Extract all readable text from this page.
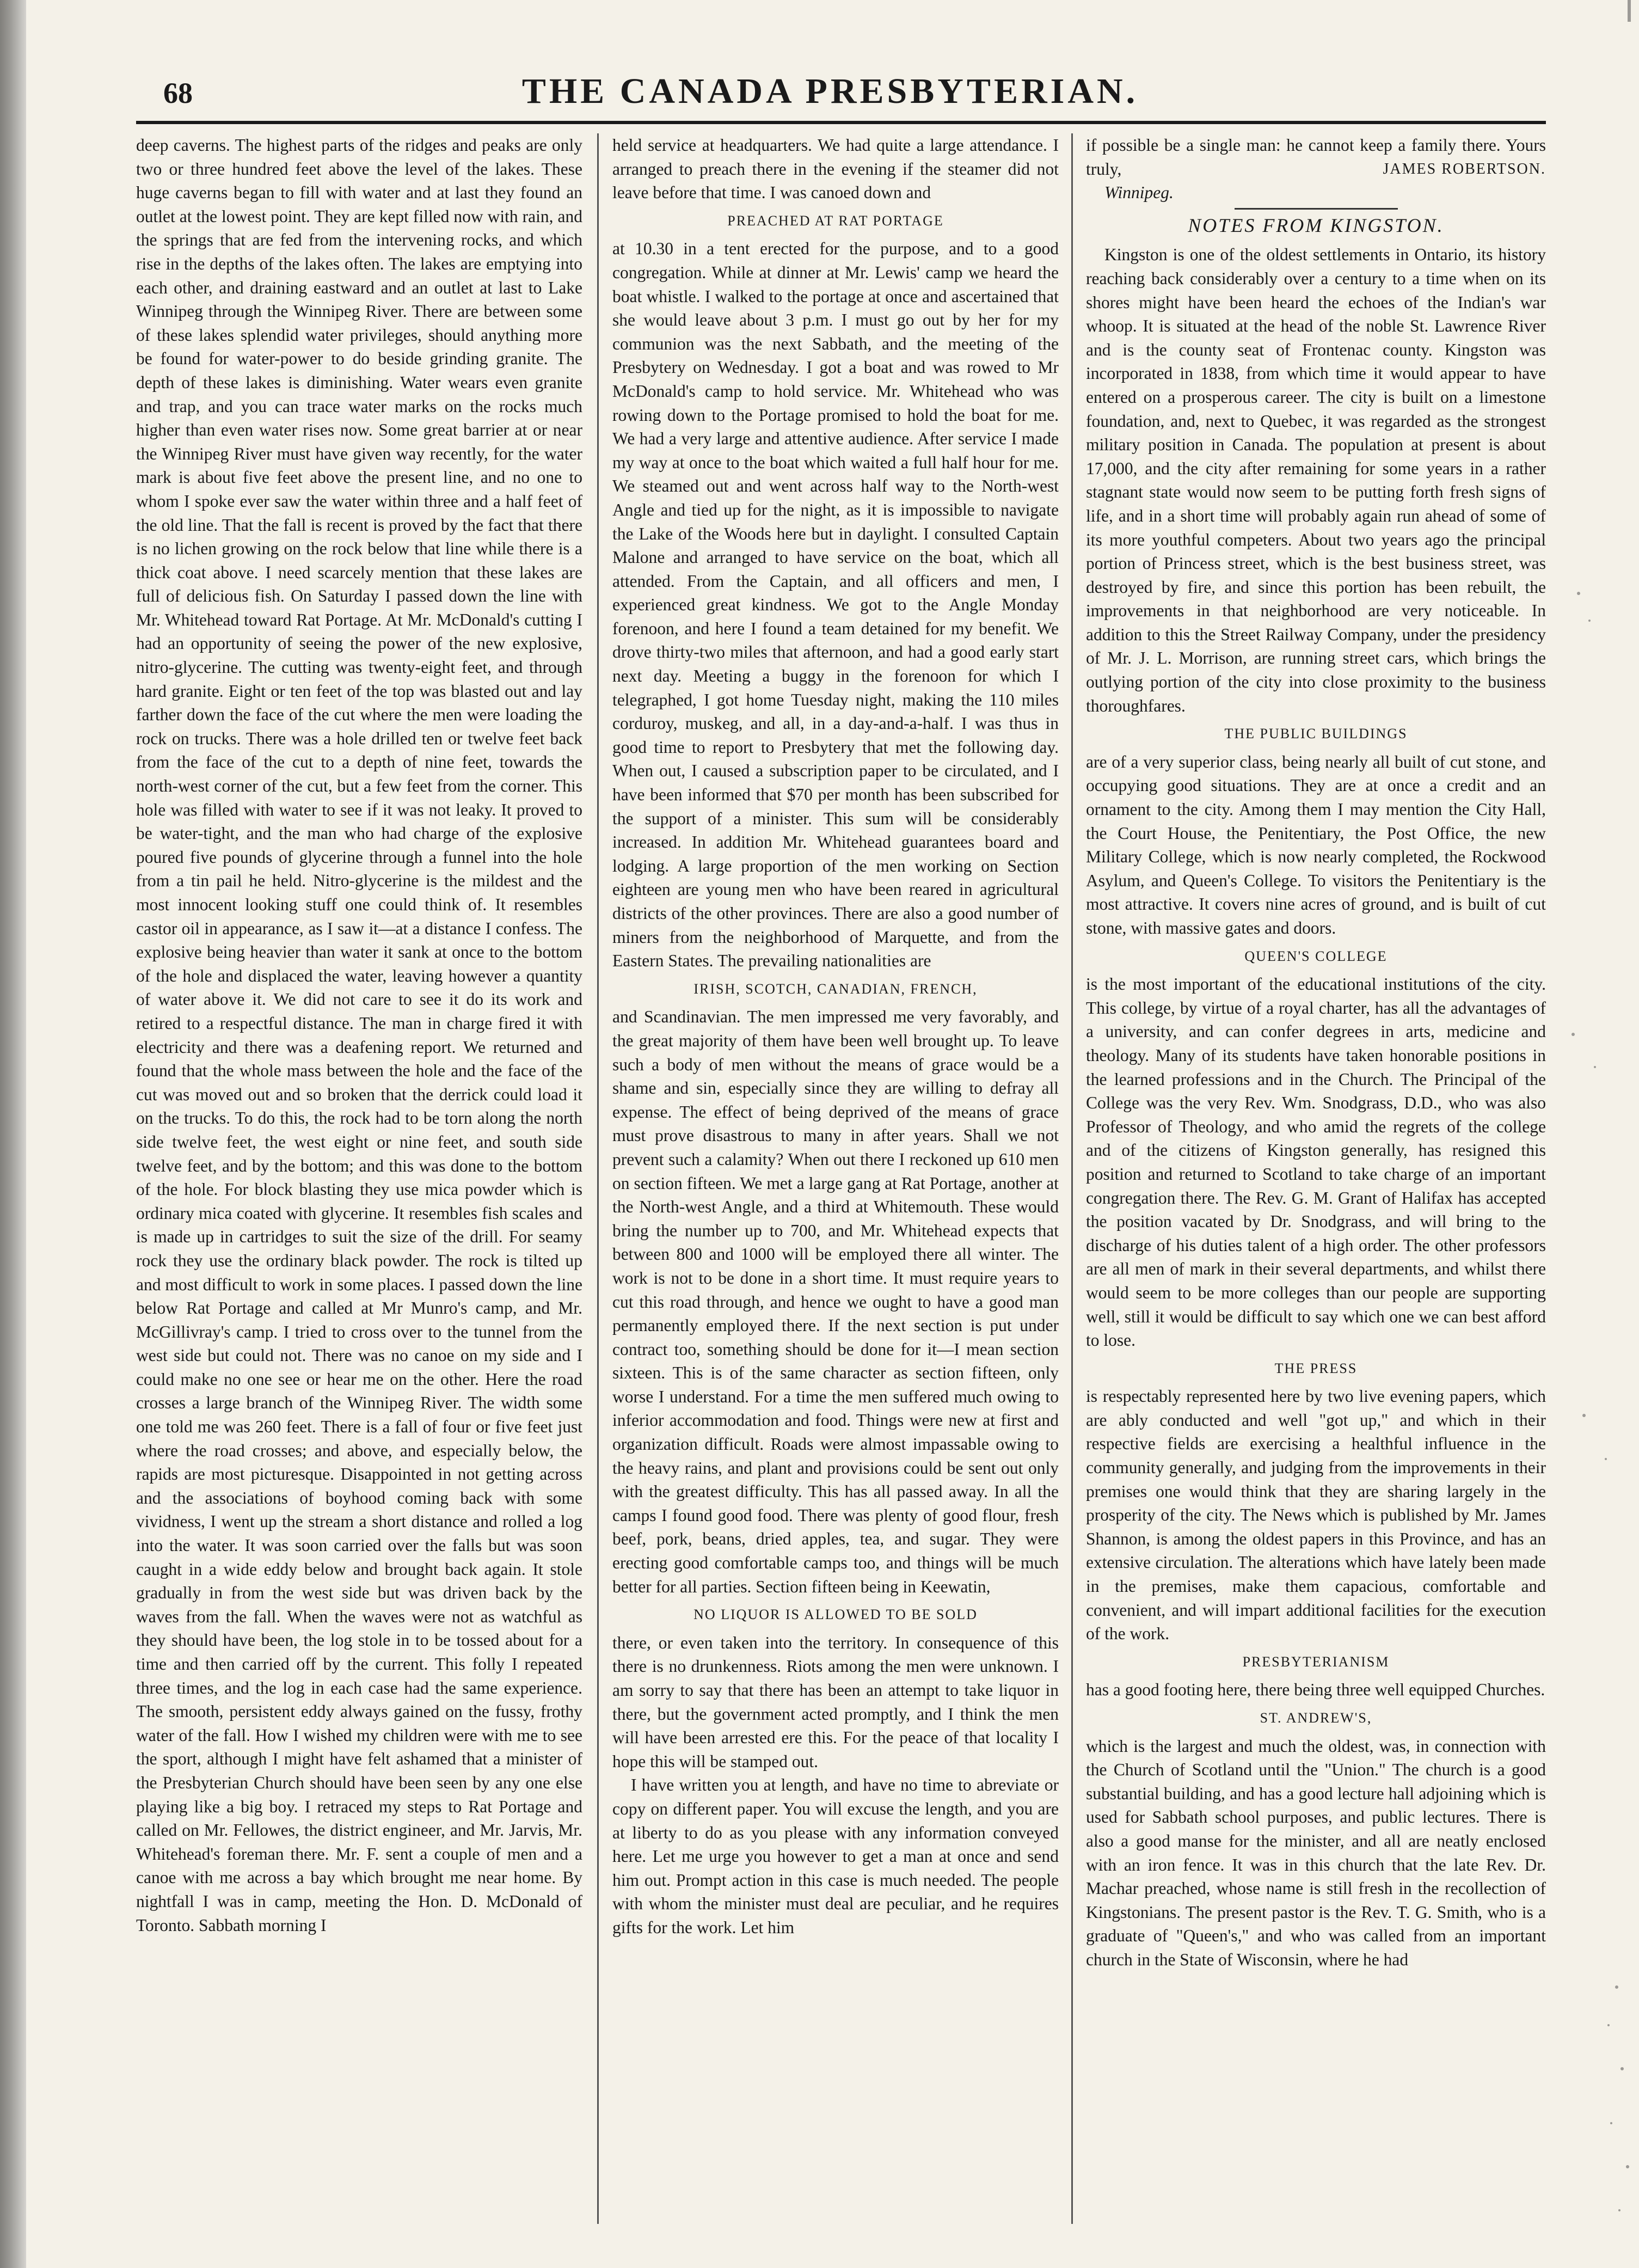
68	THE CANADA PRESBYTERIAN.

deep caverns. The highest parts of the ridges and peaks are only two or three hundred feet above the level of the lakes. These huge caverns began to fill with water and at last they found an outlet at the lowest point. They are kept filled now with rain, and the springs that are fed from the intervening rocks, and which rise in the depths of the lakes often. The lakes are emptying into each other, and draining eastward and an outlet at last to Lake Winnipeg through the Winnipeg River. There are between some of these lakes splendid water privileges, should anything more be found for water-power to do beside grinding granite. The depth of these lakes is diminishing. Water wears even granite and trap, and you can trace water marks on the rocks much higher than even water rises now. Some great barrier at or near the Winnipeg River must have given way recently, for the water mark is about five feet above the present line, and no one to whom I spoke ever saw the water within three and a half feet of the old line. That the fall is recent is proved by the fact that there is no lichen growing on the rock below that line while there is a thick coat above. I need scarcely mention that these lakes are full of delicious fish. On Saturday I passed down the line with Mr. Whitehead toward Rat Portage. At Mr. McDonald's cutting I had an opportunity of seeing the power of the new explosive, nitro-glycerine. The cutting was twenty-eight feet, and through hard granite. Eight or ten feet of the top was blasted out and lay farther down the face of the cut where the men were loading the rock on trucks. There was a hole drilled ten or twelve feet back from the face of the cut to a depth of nine feet, towards the north-west corner of the cut, but a few feet from the corner. This hole was filled with water to see if it was not leaky. It proved to be water-tight, and the man who had charge of the explosive poured five pounds of glycerine through a funnel into the hole from a tin pail he held. Nitro-glycerine is the mildest and the most innocent looking stuff one could think of. It resembles castor oil in appearance, as I saw it—at a distance I confess. The explosive being heavier than water it sank at once to the bottom of the hole and displaced the water, leaving however a quantity of water above it. We did not care to see it do its work and retired to a respectful distance. The man in charge fired it with electricity and there was a deafening report. We returned and found that the whole mass between the hole and the face of the cut was moved out and so broken that the derrick could load it on the trucks. To do this, the rock had to be torn along the north side twelve feet, the west eight or nine feet, and south side twelve feet, and by the bottom; and this was done to the bottom of the hole. For block blasting they use mica powder which is ordinary mica coated with glycerine. It resembles fish scales and is made up in cartridges to suit the size of the drill. For seamy rock they use the ordinary black powder. The rock is tilted up and most difficult to work in some places. I passed down the line below Rat Portage and called at Mr Munro's camp, and Mr. McGillivray's camp. I tried to cross over to the tunnel from the west side but could not. There was no canoe on my side and I could make no one see or hear me on the other. Here the road crosses a large branch of the Winnipeg River. The width some one told me was 260 feet. There is a fall of four or five feet just where the road crosses; and above, and especially below, the rapids are most picturesque. Disappointed in not getting across and the associations of boyhood coming back with some vividness, I went up the stream a short distance and rolled a log into the water. It was soon carried over the falls but was soon caught in a wide eddy below and brought back again. It stole gradually in from the west side but was driven back by the waves from the fall. When the waves were not as watchful as they should have been, the log stole in to be tossed about for a time and then carried off by the current. This folly I repeated three times, and the log in each case had the same experience. The smooth, persistent eddy always gained on the fussy, frothy water of the fall. How I wished my children were with me to see the sport, although I might have felt ashamed that a minister of the Presbyterian Church should have been seen by any one else playing like a big boy. I retraced my steps to Rat Portage and called on Mr. Fellowes, the district engineer, and Mr. Jarvis, Mr. Whitehead's foreman there. Mr. F. sent a couple of men and a canoe with me across a bay which brought me near home. By nightfall I was in camp, meeting the Hon. D. McDonald of Toronto. Sabbath morning I

held service at headquarters. We had quite a large attendance. I arranged to preach there in the evening if the steamer did not leave before that time. I was canoed down and

PREACHED AT RAT PORTAGE

at 10.30 in a tent erected for the purpose, and to a good congregation. While at dinner at Mr. Lewis' camp we heard the boat whistle. I walked to the portage at once and ascertained that she would leave about 3 p.m. I must go out by her for my communion was the next Sabbath, and the meeting of the Presbytery on Wednesday. I got a boat and was rowed to Mr McDonald's camp to hold service. Mr. Whitehead who was rowing down to the Portage promised to hold the boat for me. We had a very large and attentive audience. After service I made my way at once to the boat which waited a full half hour for me. We steamed out and went across half way to the North-west Angle and tied up for the night, as it is impossible to navigate the Lake of the Woods here but in daylight. I consulted Captain Malone and arranged to have service on the boat, which all attended. From the Captain, and all officers and men, I experienced great kindness. We got to the Angle Monday forenoon, and here I found a team detained for my benefit. We drove thirty-two miles that afternoon, and had a good early start next day. Meeting a buggy in the forenoon for which I telegraphed, I got home Tuesday night, making the 110 miles corduroy, muskeg, and all, in a day-and-a-half. I was thus in good time to report to Presbytery that met the following day. When out, I caused a subscription paper to be circulated, and I have been informed that $70 per month has been subscribed for the support of a minister. This sum will be considerably increased. In addition Mr. Whitehead guarantees board and lodging. A large proportion of the men working on Section eighteen are young men who have been reared in agricultural districts of the other provinces. There are also a good number of miners from the neighborhood of Marquette, and from the Eastern States. The prevailing nationalities are

IRISH, SCOTCH, CANADIAN, FRENCH,

and Scandinavian. The men impressed me very favorably, and the great majority of them have been well brought up. To leave such a body of men without the means of grace would be a shame and sin, especially since they are willing to defray all expense. The effect of being deprived of the means of grace must prove disastrous to many in after years. Shall we not prevent such a calamity? When out there I reckoned up 610 men on section fifteen. We met a large gang at Rat Portage, another at the North-west Angle, and a third at Whitemouth. These would bring the number up to 700, and Mr. Whitehead expects that between 800 and 1000 will be employed there all winter. The work is not to be done in a short time. It must require years to cut this road through, and hence we ought to have a good man permanently employed there. If the next section is put under contract too, something should be done for it—I mean section sixteen. This is of the same character as section fifteen, only worse I understand. For a time the men suffered much owing to inferior accommodation and food. Things were new at first and organization difficult. Roads were almost impassable owing to the heavy rains, and plant and provisions could be sent out only with the greatest difficulty. This has all passed away. In all the camps I found good food. There was plenty of good flour, fresh beef, pork, beans, dried apples, tea, and sugar. They were erecting good comfortable camps too, and things will be much better for all parties. Section fifteen being in Keewatin,

NO LIQUOR IS ALLOWED TO BE SOLD

there, or even taken into the territory. In consequence of this there is no drunkenness. Riots among the men were unknown. I am sorry to say that there has been an attempt to take liquor in there, but the government acted promptly, and I think the men will have been arrested ere this. For the peace of that locality I hope this will be stamped out.

I have written you at length, and have no time to abreviate or copy on different paper. You will excuse the length, and you are at liberty to do as you please with any information conveyed here. Let me urge you however to get a man at once and send him out. Prompt action in this case is much needed. The people with whom the minister must deal are peculiar, and he requires gifts for the work. Let him

if possible be a single man: he cannot keep a family there. Yours truly,	JAMES ROBERTSON.

Winnipeg.

NOTES FROM KINGSTON.

Kingston is one of the oldest settlements in Ontario, its history reaching back considerably over a century to a time when on its shores might have been heard the echoes of the Indian's war whoop. It is situated at the head of the noble St. Lawrence River and is the county seat of Frontenac county. Kingston was incorporated in 1838, from which time it would appear to have entered on a prosperous career. The city is built on a limestone foundation, and, next to Quebec, it was regarded as the strongest military position in Canada. The population at present is about 17,000, and the city after remaining for some years in a rather stagnant state would now seem to be putting forth fresh signs of life, and in a short time will probably again run ahead of some of its more youthful competers. About two years ago the principal portion of Princess street, which is the best business street, was destroyed by fire, and since this portion has been rebuilt, the improvements in that neighborhood are very noticeable. In addition to this the Street Railway Company, under the presidency of Mr. J. L. Morrison, are running street cars, which brings the outlying portion of the city into close proximity to the business thoroughfares.

THE PUBLIC BUILDINGS

are of a very superior class, being nearly all built of cut stone, and occupying good situations. They are at once a credit and an ornament to the city. Among them I may mention the City Hall, the Court House, the Penitentiary, the Post Office, the new Military College, which is now nearly completed, the Rockwood Asylum, and Queen's College. To visitors the Penitentiary is the most attractive. It covers nine acres of ground, and is built of cut stone, with massive gates and doors.

QUEEN'S COLLEGE

is the most important of the educational institutions of the city. This college, by virtue of a royal charter, has all the advantages of a university, and can confer degrees in arts, medicine and theology. Many of its students have taken honorable positions in the learned professions and in the Church. The Principal of the College was the very Rev. Wm. Snodgrass, D.D., who was also Professor of Theology, and who amid the regrets of the college and of the citizens of Kingston generally, has resigned this position and returned to Scotland to take charge of an important congregation there. The Rev. G. M. Grant of Halifax has accepted the position vacated by Dr. Snodgrass, and will bring to the discharge of his duties talent of a high order. The other professors are all men of mark in their several departments, and whilst there would seem to be more colleges than our people are supporting well, still it would be difficult to say which one we can best afford to lose.

THE PRESS

is respectably represented here by two live evening papers, which are ably conducted and well "got up," and which in their respective fields are exercising a healthful influence in the community generally, and judging from the improvements in their premises one would think that they are sharing largely in the prosperity of the city. The News which is published by Mr. James Shannon, is among the oldest papers in this Province, and has an extensive circulation. The alterations which have lately been made in the premises, make them capacious, comfortable and convenient, and will impart additional facilities for the execution of the work.

PRESBYTERIANISM

has a good footing here, there being three well equipped Churches.

ST. ANDREW'S,

which is the largest and much the oldest, was, in connection with the Church of Scotland until the "Union." The church is a good substantial building, and has a good lecture hall adjoining which is used for Sabbath school purposes, and public lectures. There is also a good manse for the minister, and all are neatly enclosed with an iron fence. It was in this church that the late Rev. Dr. Machar preached, whose name is still fresh in the recollection of Kingstonians. The present pastor is the Rev. T. G. Smith, who is a graduate of "Queen's," and who was called from an important church in the State of Wisconsin, where he had
